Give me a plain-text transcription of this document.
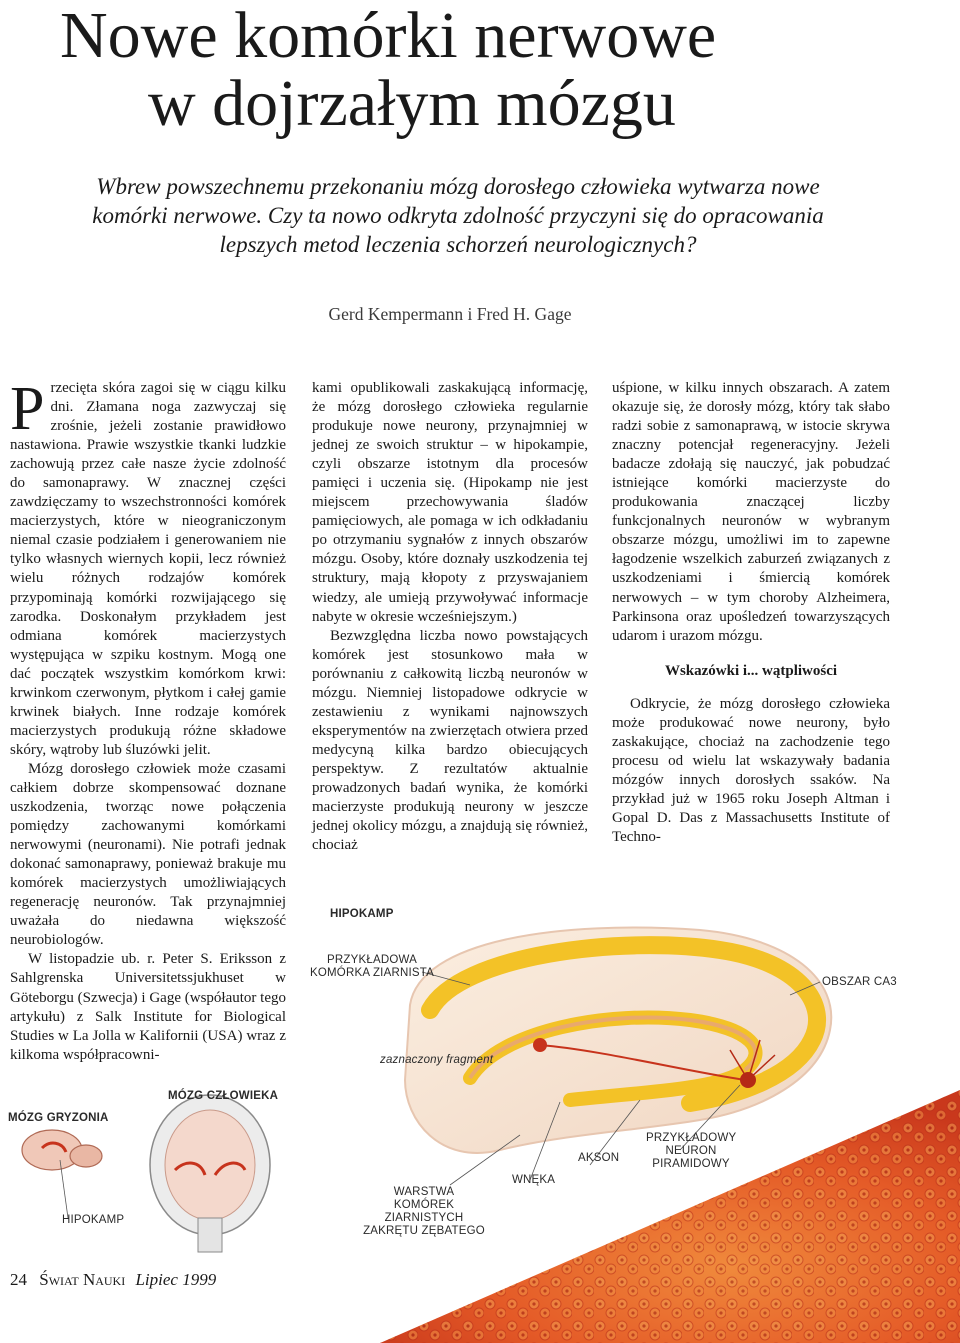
Nowe komórki nerwowe
w dojrzałym mózgu
Wbrew powszechnemu przekonaniu mózg dorosłego człowieka wytwarza nowe komórki nerwowe. Czy ta nowo odkryta zdolność przyczyni się do opracowania lepszych metod leczenia schorzeń neurologicznych?
Gerd Kempermann i Fred H. Gage

Przecięta skóra zagoi się w ciągu kilku dni. Złamana noga zazwyczaj się zrośnie, jeżeli zostanie prawidłowo nastawiona. Prawie wszystkie tkanki ludzkie zachowują przez całe nasze życie zdolność do samonaprawy. W znacznej części zawdzięczamy to wszechstronności komórek macierzystych, które w nieograniczonym niemal czasie podziałem i generowaniem nie tylko własnych wiernych kopii, lecz również wielu różnych rodzajów komórek przypominają komórki rozwijającego się zarodka. Doskonałym przykładem jest odmiana komórek macierzystych występująca w szpiku kostnym. Mogą one dać początek wszystkim komórkom krwi: krwinkom czerwonym, płytkom i całej gamie krwinek białych. Inne rodzaje komórek macierzystych produkują różne składowe skóry, wątroby lub śluzówki jelit.

Mózg dorosłego człowiek może czasami całkiem dobrze skompensować doznane uszkodzenia, tworząc nowe połączenia pomiędzy zachowanymi komórkami nerwowymi (neuronami). Nie potrafi jednak dokonać samonaprawy, ponieważ brakuje mu komórek macierzystych umożliwiających regenerację neuronów. Tak przynajmniej uważała do niedawna większość neurobiologów.

W listopadzie ub. r. Peter S. Eriksson z Sahlgrenska Universitetssjukhuset w Göteborgu (Szwecja) i Gage (współautor tego artykułu) z Salk Institute for Biological Studies w La Jolla w Kalifornii (USA) wraz z kilkoma współpracowni-

kami opublikowali zaskakującą informację, że mózg dorosłego człowieka regularnie produkuje nowe neurony, przynajmniej w jednej ze swoich struktur – w hipokampie, czyli obszarze istotnym dla procesów pamięci i uczenia się. (Hipokamp nie jest miejscem przechowywania śladów pamięciowych, ale pomaga w ich odkładaniu po otrzymaniu sygnałów z innych obszarów mózgu. Osoby, które doznały uszkodzenia tej struktury, mają kłopoty z przyswajaniem wiedzy, ale umieją przywoływać informacje nabyte w okresie wcześniejszym.)

Bezwzględna liczba nowo powstających komórek jest stosunkowo mała w porównaniu z całkowitą liczbą neuronów w mózgu. Niemniej listopadowe odkrycie w zestawieniu z wynikami najnowszych eksperymentów na zwierzętach otwiera przed medycyną kilka bardzo obiecujących perspektyw. Z rezultatów aktualnie prowadzonych badań wynika, że komórki macierzyste produkują neurony w jeszcze jednej okolicy mózgu, a znajdują się również, chociaż

uśpione, w kilku innych obszarach. A zatem okazuje się, że dorosły mózg, który tak słabo radzi sobie z samonaprawą, w istocie skrywa znaczny potencjał regeneracyjny. Jeżeli badacze zdołają się nauczyć, jak pobudzać istniejące komórki macierzyste do produkowania znaczącej liczby funkcjonalnych neuronów w wybranym obszarze mózgu, umożliwi im to zapewne łagodzenie wszelkich zaburzeń związanych z uszkodzeniami i śmiercią komórek nerwowych – w tym choroby Alzheimera, Parkinsona oraz upośledzeń towarzyszących udarom i urazom mózgu.

Wskazówki i... wątpliwości

Odkrycie, że mózg dorosłego człowieka może produkować nowe neurony, było zaskakujące, chociaż na zachodzenie tego procesu od wielu lat wskazywały badania mózgów innych dorosłych ssaków. Na przykład już w 1965 roku Joseph Altman i Gopal D. Das z Massachusetts Institute of Techno-

HIPOKAMP
PRZYKŁADOWA
KOMÓRKA ZIARNISTA
OBSZAR CA3
zaznaczony fragment
MÓZG CZŁOWIEKA
MÓZG GRYZONIA
HIPOKAMP
WARSTWA
KOMÓREK ZIARNISTYCH
ZAKRĘTU ZĘBATEGO
WNĘKA
AKSON
PRZYKŁADOWY
NEURON
PIRAMIDOWY
24 Świat Nauki Lipiec 1999
